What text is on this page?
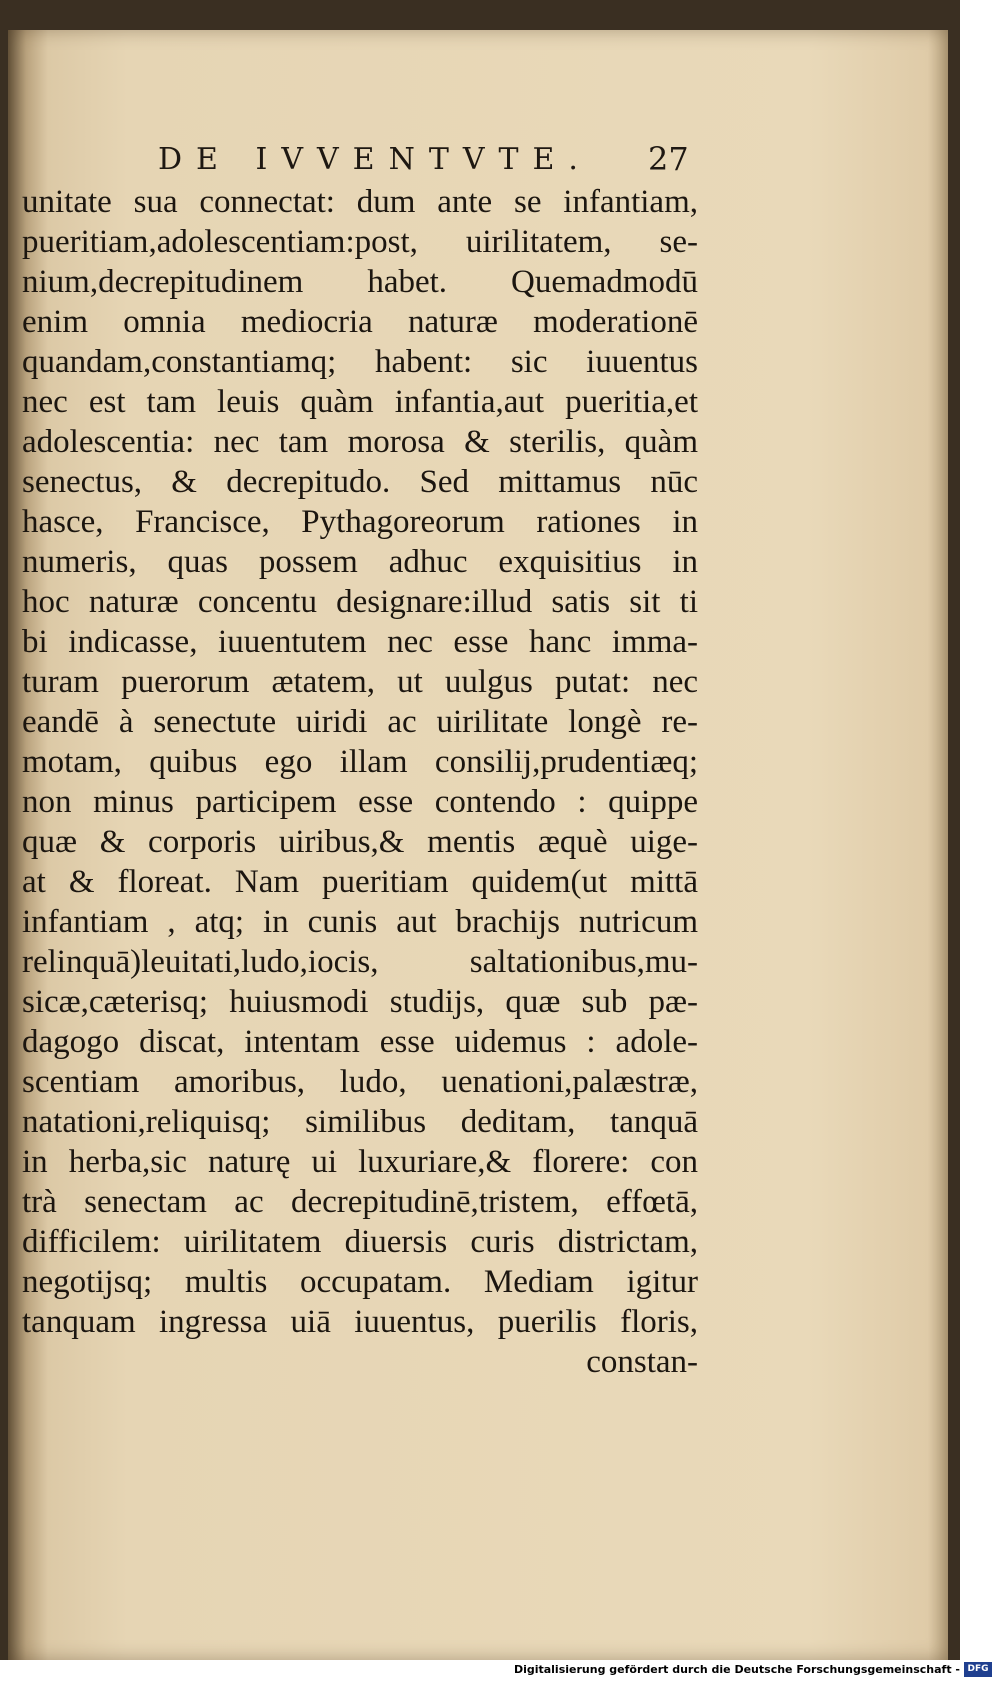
DE IVVENTVTE.	27
unitate sua connectat: dum ante se infantiam,
pueritiam,adolescentiam:post, uirilitatem, se-
nium,decrepitudinem habet. Quemadmodū
enim omnia mediocria naturæ moderationē
quandam,constantiamq; habent: sic iuuentus
nec est tam leuis quàm infantia,aut pueritia,et
adolescentia: nec tam morosa & sterilis, quàm
senectus, & decrepitudo. Sed mittamus nūc
hasce, Francisce, Pythagoreorum rationes in
numeris, quas possem adhuc exquisitius in
hoc naturæ concentu designare:illud satis sit ti
bi indicasse, iuuentutem nec esse hanc imma-
turam puerorum ætatem, ut uulgus putat: nec
eandē à senectute uiridi ac uirilitate longè re-
motam, quibus ego illam consilij,prudentiæq;
non minus participem esse contendo : quippe
quæ & corporis uiribus,& mentis æquè uige-
at & floreat. Nam pueritiam quidem(ut mittā
infantiam , atq; in cunis aut brachijs nutricum
relinquā)leuitati,ludo,iocis, saltationibus,mu-
sicæ,cæterisq; huiusmodi studijs, quæ sub pæ-
dagogo discat, intentam esse uidemus : adole-
scentiam amoribus, ludo, uenationi,palæstræ,
natationi,reliquisq; similibus deditam, tanquā
in herba,sic naturę ui luxuriare,& florere: con
trà senectam ac decrepitudinē,tristem, effœtā,
difficilem: uirilitatem diuersis curis districtam,
negotijsq; multis occupatam. Mediam igitur
tanquam ingressa uiā iuuentus, puerilis floris,
constan-
Digitalisierung gefördert durch die Deutsche Forschungsgemeinschaft - DFG
